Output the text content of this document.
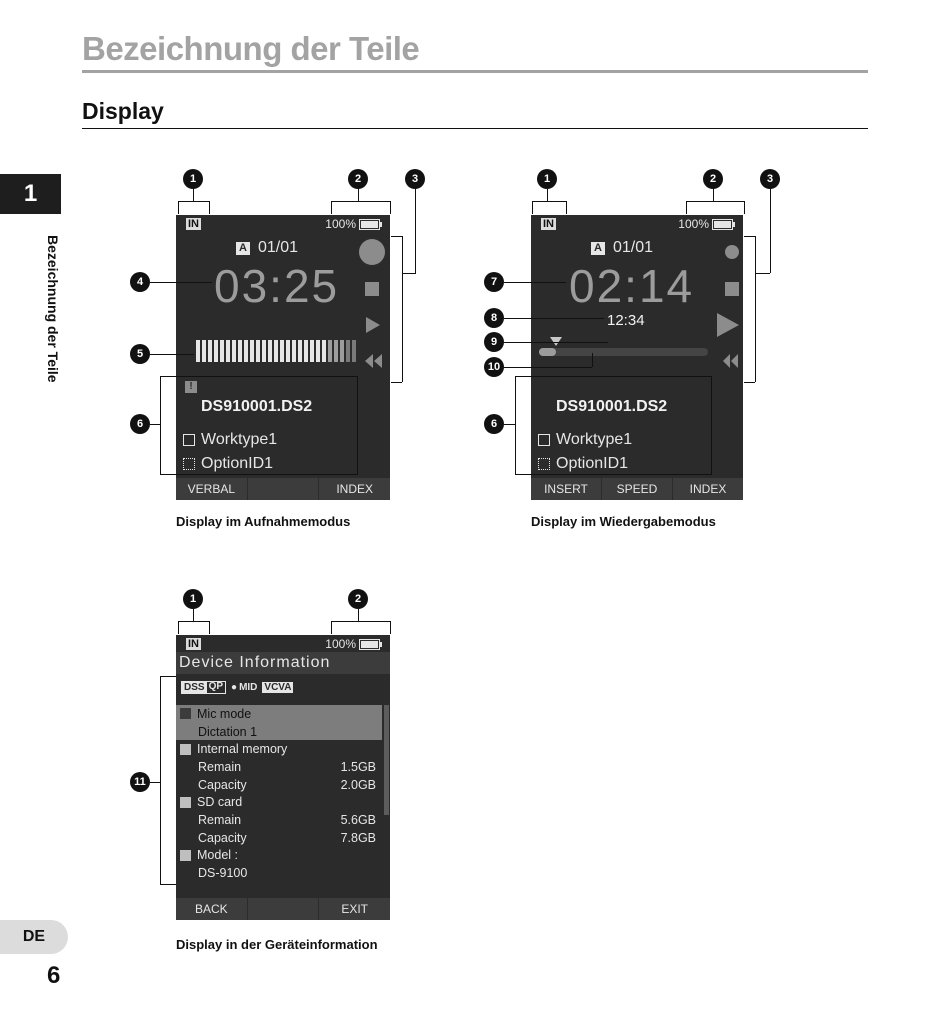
Bezeichnung der Teile
Display
1
Bezeichnung der Teile
DE
6
IN	100%
A 01/01
03:25
!
DS910001.DS2
Worktype1
OptionID1
VERBAL	INDEX
1	2	3
4
5
6
Display im Aufnahmemodus
IN	100%
A 01/01
02:14
12:34
DS910001.DS2
Worktype1
OptionID1
INSERT	SPEED	INDEX
1	2	3
7
8
9
10
6
Display im Wiedergabemodus
IN	100%
Device Information
DSS QP ● MID VCVA
Mic mode
Dictation 1
Internal memory
Remain	1.5GB
Capacity	2.0GB
SD card
Remain	5.6GB
Capacity	7.8GB
Model :
DS-9100
BACK	EXIT
1	2
11
Display in der Geräteinformation
